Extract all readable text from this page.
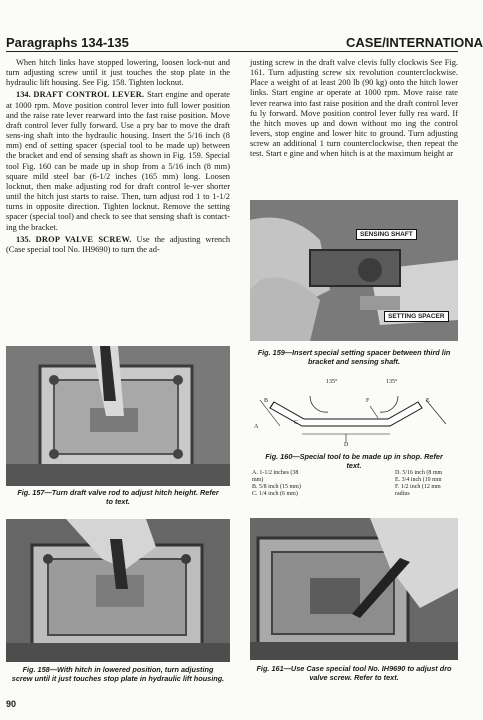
Paragraphs 134-135	CASE/INTERNATIONA

When hitch links have stopped lowering, loosen lock-nut and turn adjusting screw until it just touches the stop plate in the hydraulic lift housing. See Fig. 158. Tighten locknut.

134. DRAFT CONTROL LEVER. Start engine and operate at 1000 rpm. Move position control lever into full lower position and the raise rate lever rearward into the fast raise position. Move draft control lever fully forward. Use a pry bar to move the draft sens-ing shaft into the hydraulic housing. Insert the 5/16 inch (8 mm) end of setting spacer (special tool to be made up) between the bracket and end of sensing shaft as shown in Fig. 159. Special tool Fig. 160 can be made up in shop from a 5/16 inch (8 mm) square mild steel bar (6-1/2 inches (165 mm) long. Loosen locknut, then make adjusting rod for draft control le-ver shorter until the hitch just starts to raise. Then, turn adjust rod 1 to 1-1/2 turns in opposite direction. Tighten locknut. Remove the setting spacer (special tool) and check to see that sensing shaft is contact-ing the bracket.

135. DROP VALVE SCREW. Use the adjusting wrench (Case special tool No. IH9690) to turn the ad-

justing screw in the draft valve clevis fully clockwis See Fig. 161. Turn adjusting screw six revolution counterclockwise. Place a weight of at least 200 lb (90 kg) onto the hitch lower links. Start engine ar operate at 1000 rpm. Move raise rate lever rearwa into fast raise position and the draft control lever fu ly forward. Move position control lever fully rea ward. If the hitch moves up and down without mo ing the control levers, stop engine and lower hitc to ground. Turn adjusting screw an additional 1 turn counterclockwise, then repeat the test. Start e gine and when hitch is at the maximum height ar

Fig. 157—Turn draft valve rod to adjust hitch height. Refer
to text.
Fig. 158—With hitch in lowered position, turn adjusting
screw until it just touches stop plate in hydraulic lift housing.
SENSING SHAFT
SETTING SPACER
Fig. 159—Insert special setting spacer between third lin
bracket and sensing shaft.
135°	135°
A
B
C
D
E
F
Fig. 160—Special tool to be made up in shop. Refer
text.
A. 1-1/2 inches (38
mm)
B. 5/8 inch (15 mm)
C. 1/4 inch (6 mm)
D. 5/16 inch (8 mm
E. 3/4 inch (19 mm
F. 1/2 inch (12 mm
radius
Fig. 161—Use Case special tool No. IH9690 to adjust dro
valve screw. Refer to text.
90
